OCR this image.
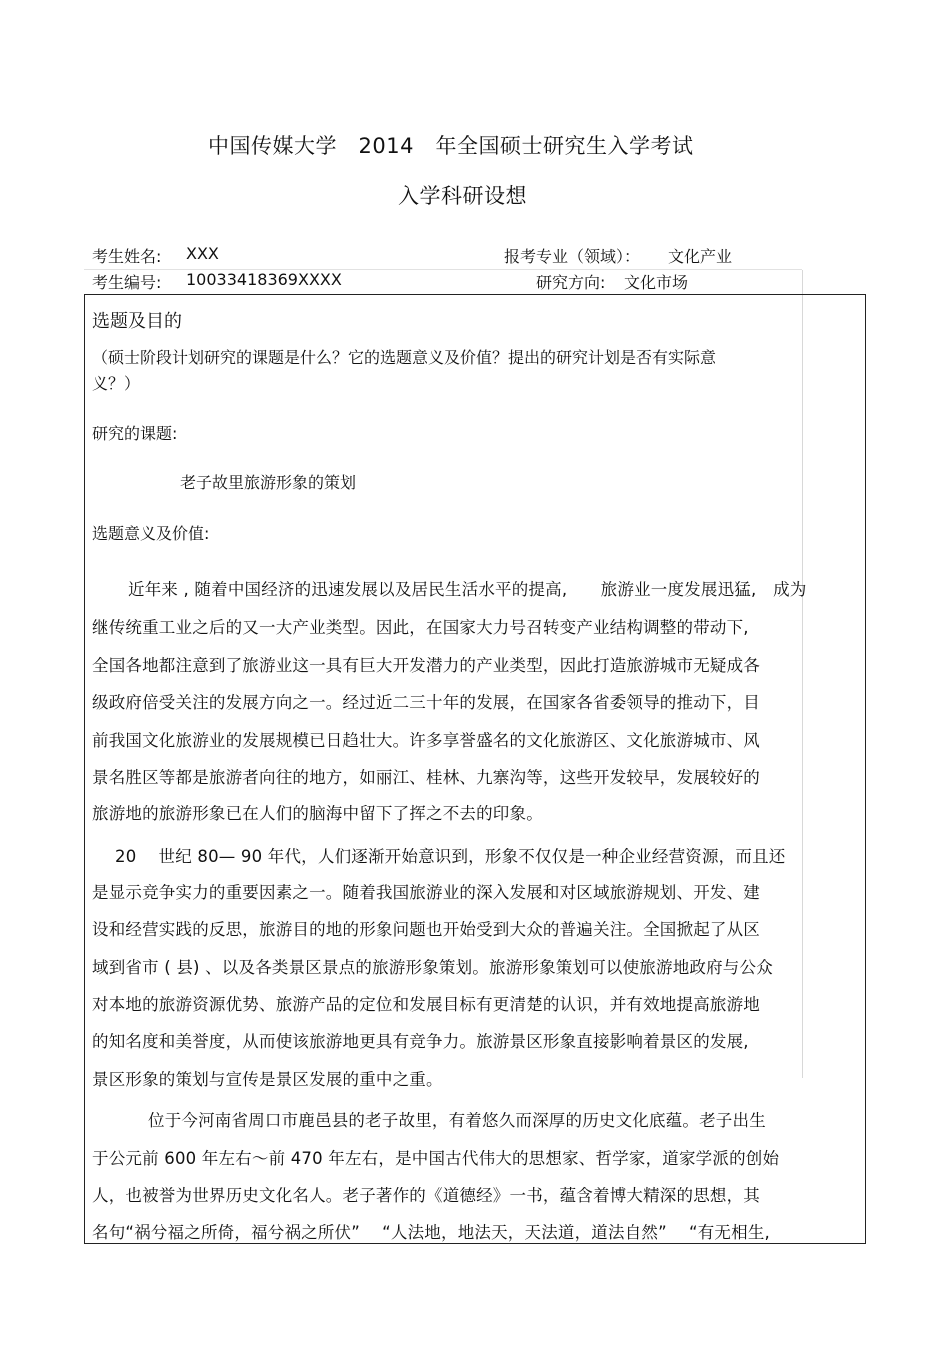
中国传媒大学　2014　年全国硕士研究生入学考试
入学科研设想
考生姓名: XXX	报考专业（领域）： 文化产业
考生编号: 10033418369XXXX	研究方向: 文化市场
选题及目的
（硕士阶段计划研究的课题是什么？它的选题意义及价值？提出的研究计划是否有实际意
义？）
研究的课题:
老子故里旅游形象的策划
选题意义及价值:
近年来 , 随着中国经济的迅速发展以及居民生活水平的提高,　　旅游业一度发展迅猛,　成为
继传统重工业之后的又一大产业类型。因此，在国家大力号召转变产业结构调整的带动下,
全国各地都注意到了旅游业这一具有巨大开发潜力的产业类型，因此打造旅游城市无疑成各
级政府倍受关注的发展方向之一。经过近二三十年的发展，在国家各省委领导的推动下，目
前我国文化旅游业的发展规模已日趋壮大。许多享誉盛名的文化旅游区、文化旅游城市、风
景名胜区等都是旅游者向往的地方，如丽江、桂林、九寨沟等，这些开发较早，发展较好的
旅游地的旅游形象已在人们的脑海中留下了挥之不去的印象。
20　 世纪 80— 90 年代，人们逐渐开始意识到，形象不仅仅是一种企业经营资源，而且还
是显示竞争实力的重要因素之一。随着我国旅游业的深入发展和对区域旅游规划、开发、建
设和经营实践的反思，旅游目的地的形象问题也开始受到大众的普遍关注。全国掀起了从区
域到省市 ( 县) 、以及各类景区景点的旅游形象策划。旅游形象策划可以使旅游地政府与公众
对本地的旅游资源优势、旅游产品的定位和发展目标有更清楚的认识，并有效地提高旅游地
的知名度和美誉度，从而使该旅游地更具有竞争力。旅游景区形象直接影响着景区的发展,
景区形象的策划与宣传是景区发展的重中之重。
位于今河南省周口市鹿邑县的老子故里，有着悠久而深厚的历史文化底蕴。老子出生
于公元前 600 年左右～前 470 年左右，是中国古代伟大的思想家、哲学家，道家学派的创始
人，也被誉为世界历史文化名人。老子著作的《道德经》一书，蕴含着博大精深的思想，其
名句“祸兮福之所倚，福兮祸之所伏”　 “人法地，地法天，天法道，道法自然”　 “有无相生,
